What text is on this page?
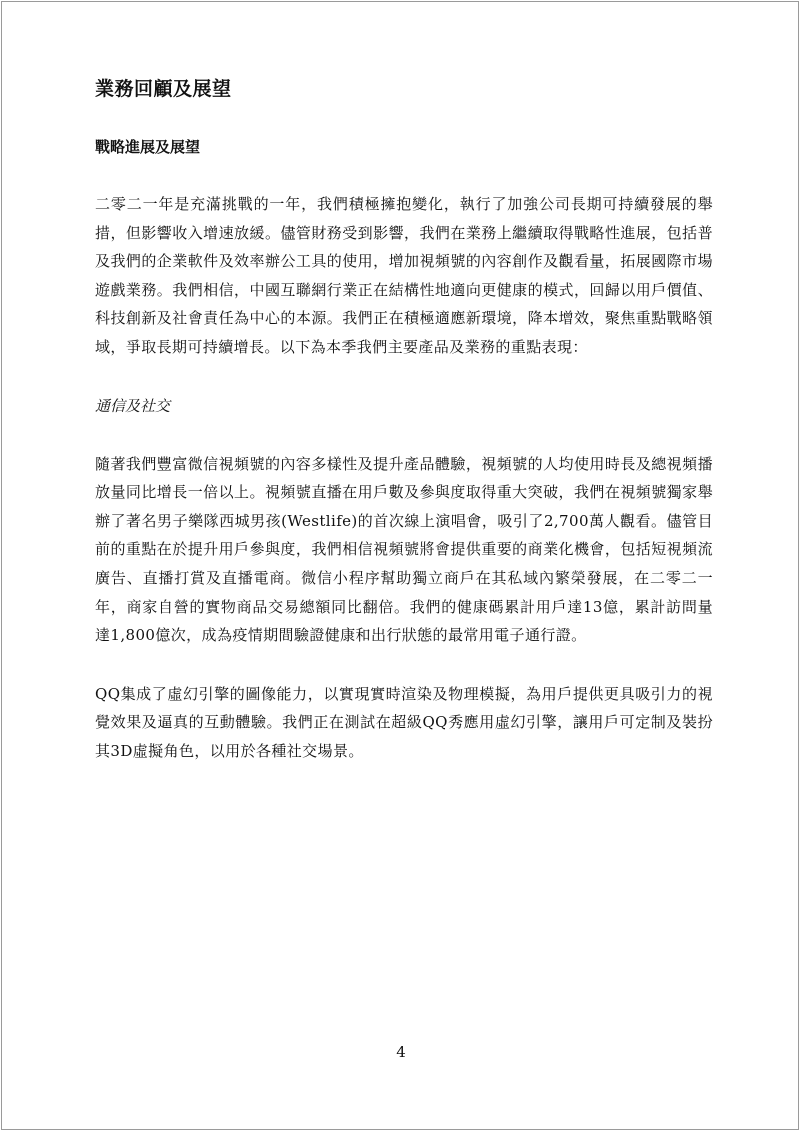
業務回顧及展望
戰略進展及展望

二零二一年是充滿挑戰的一年，我們積極擁抱變化，執行了加強公司長期可持續發展的舉措，但影響收入增速放緩。儘管財務受到影響，我們在業務上繼續取得戰略性進展，包括普及我們的企業軟件及效率辦公工具的使用，增加視頻號的內容創作及觀看量，拓展國際市場遊戲業務。我們相信，中國互聯網行業正在結構性地適向更健康的模式，回歸以用戶價值、科技創新及社會責任為中心的本源。我們正在積極適應新環境，降本增效，聚焦重點戰略領域，爭取長期可持續增長。以下為本季我們主要產品及業務的重點表現：

通信及社交

隨著我們豐富微信視頻號的內容多樣性及提升產品體驗，視頻號的人均使用時長及總視頻播放量同比增長一倍以上。視頻號直播在用戶數及參與度取得重大突破，我們在視頻號獨家舉辦了著名男子樂隊西城男孩(Westlife)的首次線上演唱會，吸引了2,700萬人觀看。儘管目前的重點在於提升用戶參與度，我們相信視頻號將會提供重要的商業化機會，包括短視頻流廣告、直播打賞及直播電商。微信小程序幫助獨立商戶在其私域內繁榮發展，在二零二一年，商家自營的實物商品交易總額同比翻倍。我們的健康碼累計用戶達13億，累計訪問量達1,800億次，成為疫情期間驗證健康和出行狀態的最常用電子通行證。

QQ集成了虛幻引擎的圖像能力，以實現實時渲染及物理模擬，為用戶提供更具吸引力的視覺效果及逼真的互動體驗。我們正在測試在超級QQ秀應用虛幻引擎，讓用戶可定制及裝扮其3D虛擬角色，以用於各種社交場景。

4
